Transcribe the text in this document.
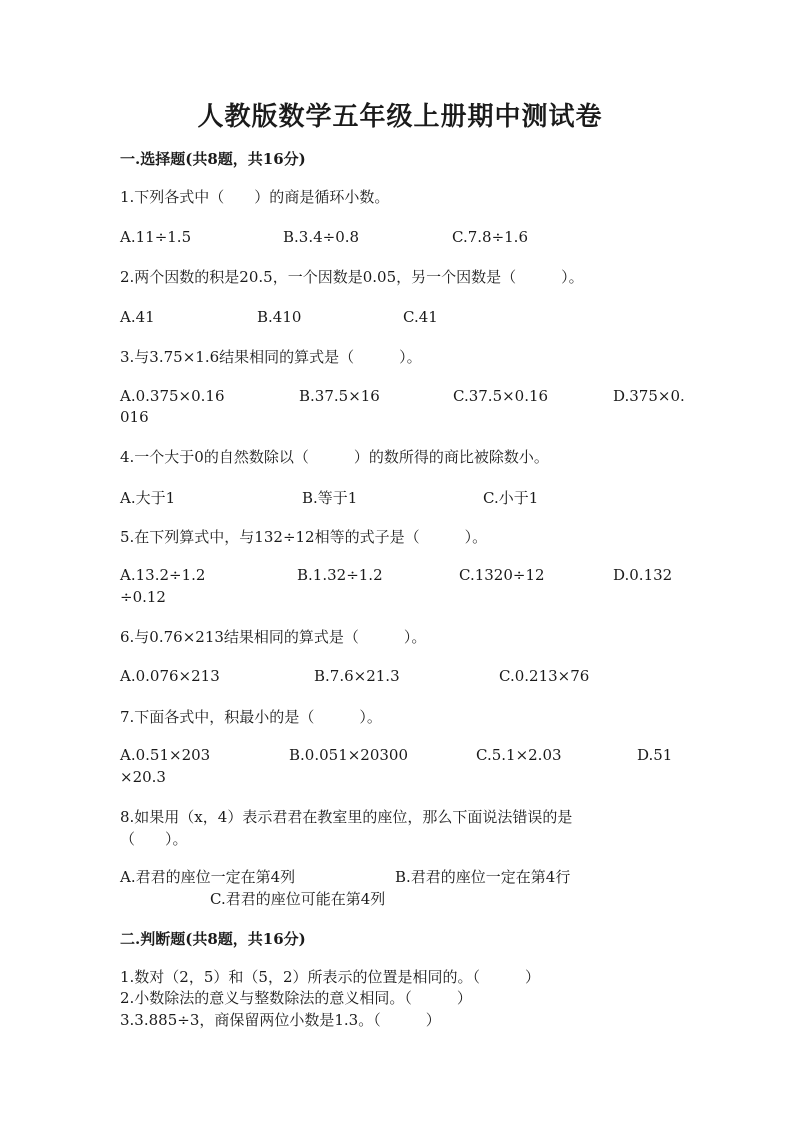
人教版数学五年级上册期中测试卷
一.选择题(共8题，共16分)
1.下列各式中（　　）的商是循环小数。
A.11÷1.5	B.3.4÷0.8	C.7.8÷1.6
2.两个因数的积是20.5，一个因数是0.05，另一个因数是（　　　）。
A.41	B.410	C.41
3.与3.75×1.6结果相同的算式是（　　　）。
A.0.375×0.16	B.37.5×16	C.37.5×0.16	D.375×0.
016
4.一个大于0的自然数除以（　　　）的数所得的商比被除数小。
A.大于1	B.等于1	C.小于1
5.在下列算式中，与132÷12相等的式子是（　　　）。
A.13.2÷1.2	B.1.32÷1.2	C.1320÷12	D.0.132
÷0.12
6.与0.76×213结果相同的算式是（　　　）。
A.0.076×213	B.7.6×21.3	C.0.213×76
7.下面各式中，积最小的是（　　　）。
A.0.51×203	B.0.051×20300	C.5.1×2.03	D.51
×20.3
8.如果用（x，4）表示君君在教室里的座位，那么下面说法错误的是（　　）。
A.君君的座位一定在第4列	B.君君的座位一定在第4行
C.君君的座位可能在第4列
二.判断题(共8题，共16分)
1.数对（2，5）和（5，2）所表示的位置是相同的。（　　　）
2.小数除法的意义与整数除法的意义相同。（　　　）
3.3.885÷3，商保留两位小数是1.3。（　　　）
